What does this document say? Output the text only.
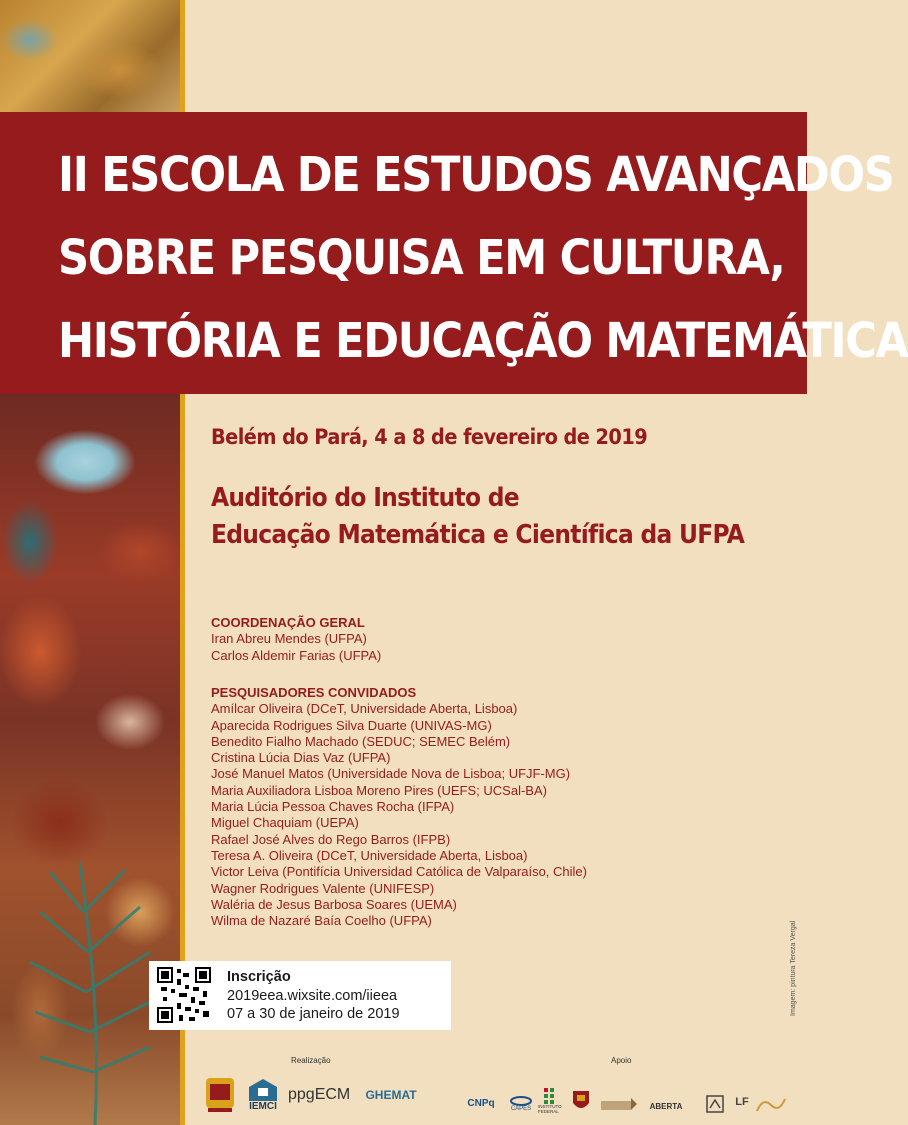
II ESCOLA DE ESTUDOS AVANÇADOS
SOBRE PESQUISA EM CULTURA,
HISTÓRIA E EDUCAÇÃO MATEMÁTICA
Belém do Pará, 4 a 8 de fevereiro de 2019
Auditório do Instituto de
Educação Matemática e Científica da UFPA
COORDENAÇÃO GERAL

Iran Abreu Mendes (UFPA)

Carlos Aldemir Farias (UFPA)

PESQUISADORES CONVIDADOS

Amílcar Oliveira (DCeT, Universidade Aberta, Lisboa)

Aparecida Rodrigues Silva Duarte (UNIVAS-MG)

Benedito Fialho Machado (SEDUC; SEMEC Belém)

Cristina Lúcia Dias Vaz (UFPA)

José Manuel Matos (Universidade Nova de Lisboa; UFJF-MG)

Maria Auxiliadora Lisboa Moreno Pires (UEFS; UCSal-BA)

Maria Lúcia Pessoa Chaves Rocha (IFPA)

Miguel Chaquiam (UEPA)

Rafael José Alves do Rego Barros (IFPB)

Teresa A. Oliveira (DCeT, Universidade Aberta, Lisboa)

Victor Leiva (Pontifícia Universidad Católica de Valparaíso, Chile)

Wagner Rodrigues Valente (UNIFESP)

Waléria de Jesus Barbosa Soares (UEMA)

Wilma de Nazaré Baía Coelho (UFPA)

Inscrição
2019eea.wixsite.com/iieea
07 a 30 de janeiro de 2019
Realização	Apoio
IEMCI
ppgECM	GHEMAT
CNPq
CAPES INSTITUTO FEDERAL
ABERTA	LF
Imagem: pintura Tereza Vergal
